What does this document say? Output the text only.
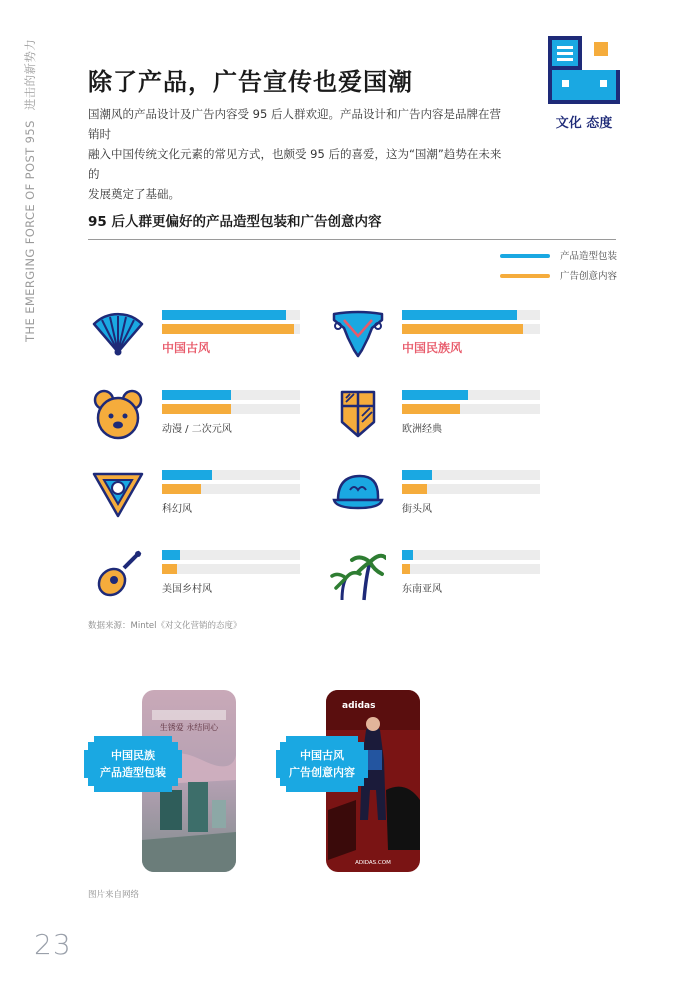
THE EMERGING FORCE OF POST 95S进击的新势力
文化 态度
除了产品，广告宣传也爱国潮
国潮风的产品设计及广告内容受 95 后人群欢迎。产品设计和广告内容是品牌在营销时
融入中国传统文化元素的常见方式，也颇受 95 后的喜爱，这为“国潮”趋势在未来的
发展奠定了基础。
95 后人群更偏好的产品造型包装和广告创意内容
产品造型包装
广告创意内容
中国古风	中国民族风
动漫 / 二次元风	欧洲经典
科幻风	街头风
美国乡村风	东南亚风
数据来源：Mintel《对文化营销的态度》
生锈爱 永结同心
adidas
ADIDAS.COM
中国民族
产品造型包装
中国古风
广告创意内容
图片来自网络
23
